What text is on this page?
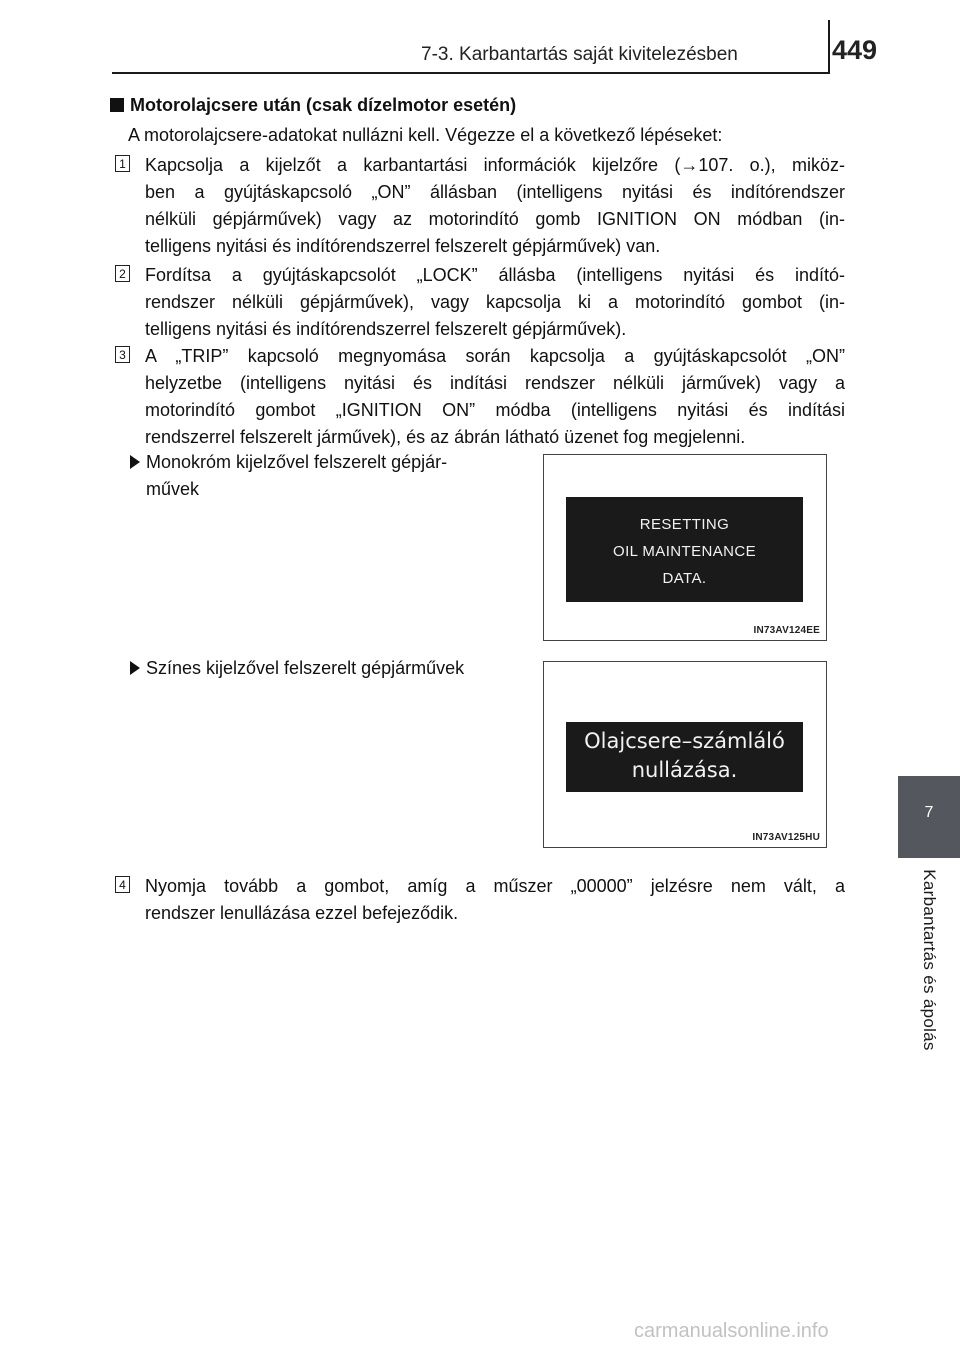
7-3. Karbantartás saját kivitelezésben	449
7
Karbantartás és ápolás
Motorolajcsere után (csak dízelmotor esetén)
A motorolajcsere-adatokat nullázni kell. Végezze el a következő lépéseket:
1 Kapcsolja a kijelzőt a karbantartási információk kijelzőre (→107. o.), miköz-
ben a gyújtáskapcsoló „ON” állásban (intelligens nyitási és indítórendszer
nélküli gépjárművek) vagy az motorindító gomb IGNITION ON módban (in-
telligens nyitási és indítórendszerrel felszerelt gépjárművek) van.
2 Fordítsa a gyújtáskapcsolót „LOCK” állásba (intelligens nyitási és indító-
rendszer nélküli gépjárművek), vagy kapcsolja ki a motorindító gombot (in-
telligens nyitási és indítórendszerrel felszerelt gépjárművek).
3 A „TRIP” kapcsoló megnyomása során kapcsolja a gyújtáskapcsolót „ON”
helyzetbe (intelligens nyitási és indítási rendszer nélküli járművek) vagy a
motorindító gombot „IGNITION ON” módba (intelligens nyitási és indítási
rendszerrel felszerelt járművek), és az ábrán látható üzenet fog megjelenni.
Monokróm kijelzővel felszerelt gépjár-
művek
RESETTING
OIL MAINTENANCE
DATA.
IN73AV124EE
Színes kijelzővel felszerelt gépjárművek
Olajcsere–számláló
nullázása.
IN73AV125HU
4 Nyomja tovább a gombot, amíg a műszer „00000” jelzésre nem vált, a
rendszer lenullázása ezzel befejeződik.
carmanualsonline.info
